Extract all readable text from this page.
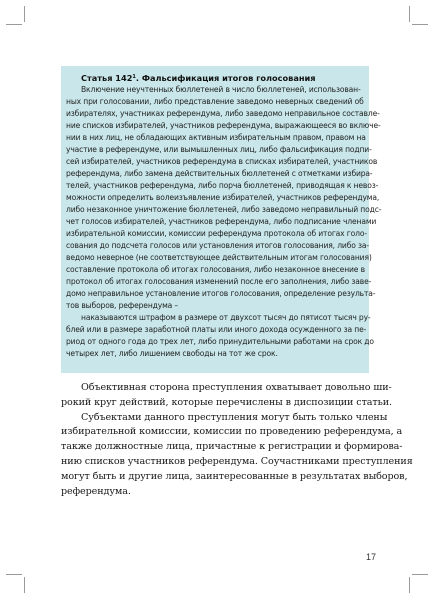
Статья $142^1$. Фальсификация итогов голосования

Включение неучтенных бюллетеней в число бюллетеней, использован-
ных при голосовании, либо представление заведомо неверных сведений об
избирателях, участниках референдума, либо заведомо неправильное составле-
ние списков избирателей, участников референдума, выражающееся во включе-
нии в них лиц, не обладающих активным избирательным правом, правом на
участие в референдуме, или вымышленных лиц, либо фальсификация подпи-
сей избирателей, участников референдума в списках избирателей, участников
референдума, либо замена действительных бюллетеней с отметками избира-
телей, участников референдума, либо порча бюллетеней, приводящая к невоз-
можности определить волеизъявление избирателей, участников референдума,
либо незаконное уничтожение бюллетеней, либо заведомо неправильный подс-
чет голосов избирателей, участников референдума, либо подписание членами
избирательной комиссии, комиссии референдума протокола об итогах голо-
сования до подсчета голосов или установления итогов голосования, либо за-
ведомо неверное (не соответствующее действительным итогам голосования)
составление протокола об итогах голосования, либо незаконное внесение в
протокол об итогах голосования изменений после его заполнения, либо заве-
домо неправильное установление итогов голосования, определение результа-
тов выборов, референдума –
наказываются штрафом в размере от двухсот тысяч до пятисот тысяч ру-
блей или в размере заработной платы или иного дохода осужденного за пе-
риод от одного года до трех лет, либо принудительными работами на срок до
четырех лет, либо лишением свободы на тот же срок.
Объективная сторона преступления охватывает довольно ши-
рокий круг действий, которые перечислены в диспозиции статьи.
Субъектами данного преступления могут быть только члены
избирательной комиссии, комиссии по проведению референдума, а
также должностные лица, причастные к регистрации и формирова-
нию списков участников референдума. Соучастниками преступления
могут быть и другие лица, заинтересованные в результатах выборов,
референдума.
17
